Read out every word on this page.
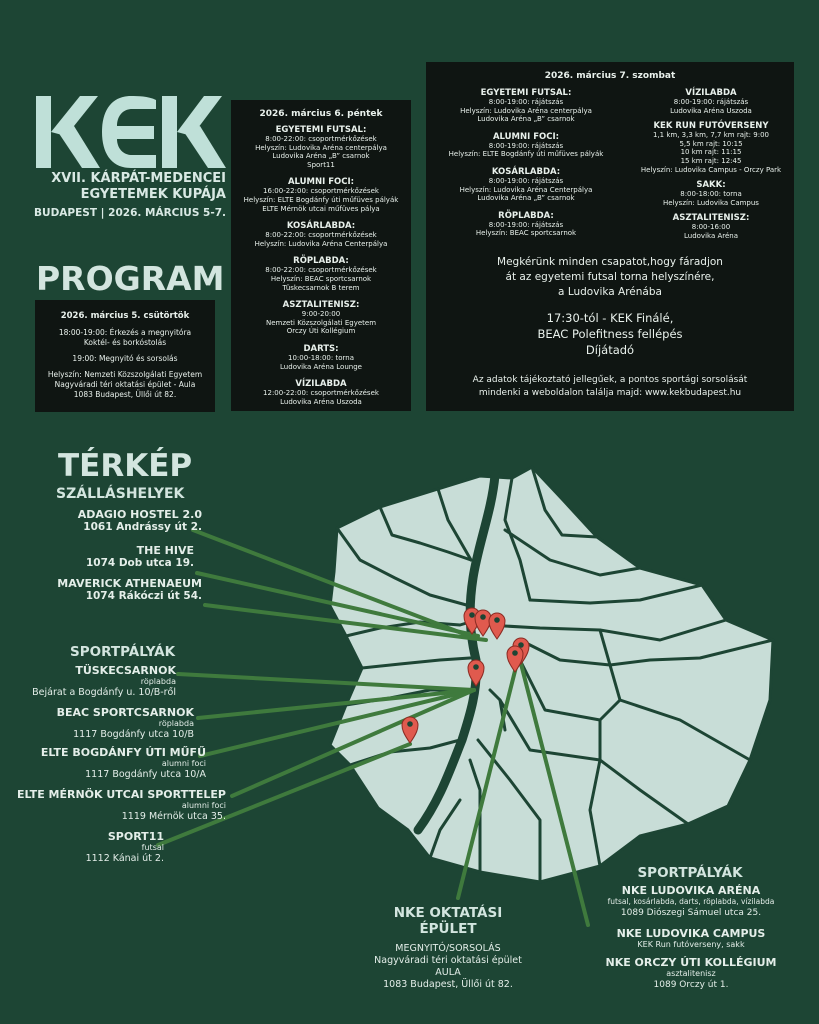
XVII. KÁRPÁT-MEDENCEI
EGYETEMEK KUPÁJA
BUDAPEST | 2026. MÁRCIUS 5-7.
PROGRAM
2026. március 5. csütörtök
18:00-19:00: Érkezés a megnyitóra
Koktél- és borkóstolás
19:00: Megnyitó és sorsolás
Helyszín: Nemzeti Közszolgálati Egyetem
Nagyváradi téri oktatási épület - Aula
1083 Budapest, Üllői út 82.
2026. március 6. péntek
EGYETEMI FUTSAL:
8:00-22:00: csoportmérkőzések
Helyszín: Ludovika Aréna centerpálya
Ludovika Aréna „B” csarnok
Sport11
ALUMNI FOCI:
16:00-22:00: csoportmérkőzések
Helyszín: ELTE Bogdánfy úti műfüves pályák
ELTE Mérnök utcai műfüves pálya
KOSÁRLABDA:
8:00-22:00: csoportmérkőzések
Helyszín: Ludovika Aréna Centerpálya
RÖPLABDA:
8:00-22:00: csoportmérkőzések
Helyszín: BEAC sportcsarnok
Tüskecsarnok B terem
ASZTALITENISZ:
9:00-20:00
Nemzeti Közszolgálati Egyetem
Orczy Úti Kollégium
DARTS:
10:00-18:00: torna
Ludovika Aréna Lounge
VÍZILABDA
12:00-22:00: csoportmérkőzések
Ludovika Aréna Uszoda
2026. március 7. szombat
EGYETEMI FUTSAL:
8:00-19:00: rájátszás
Helyszín: Ludovika Aréna centerpálya
Ludovika Aréna „B” csarnok
ALUMNI FOCI:
8:00-19:00: rájátszás
Helyszín: ELTE Bogdánfy úti műfüves pályák
KOSÁRLABDA:
8:00-19:00: rájátszás
Helyszín: Ludovika Aréna Centerpálya
Ludovika Aréna „B” csarnok
RÖPLABDA:
8:00-19:00: rájátszás
Helyszín: BEAC sportcsarnok
VÍZILABDA
8:00-19:00: rájátszás
Ludovika Aréna Uszoda
KEK RUN FUTÓVERSENY
1,1 km, 3,3 km, 7,7 km rajt: 9:00
5,5 km rajt: 10:15
10 km rajt: 11:15
15 km rajt: 12:45
Helyszín: Ludovika Campus - Orczy Park
SAKK:
8:00-18:00: torna
Helyszín: Ludovika Campus
ASZTALITENISZ:
8:00-16:00
Ludovika Aréna
Megkérünk minden csapatot,hogy fáradjon
át az egyetemi futsal torna helyszínére,
a Ludovika Arénába
17:30-tól - KEK Finálé,
BEAC Polefitness fellépés
Díjátadó
Az adatok tájékoztató jellegűek, a pontos sportági sorsolását
mindenki a weboldalon találja majd: www.kekbudapest.hu
TÉRKÉP
SZÁLLÁSHELYEK
ADAGIO HOSTEL 2.0
1061 Andrássy út 2.
THE HIVE
1074 Dob utca 19.
MAVERICK ATHENAEUM
1074 Rákóczi út 54.
SPORTPÁLYÁK
TÜSKECSARNOK
röplabda
Bejárat a Bogdánfy u. 10/B-ről
BEAC SPORTCSARNOK
röplabda
1117 Bogdánfy utca 10/B
ELTE BOGDÁNFY ÚTI MŰFŰ
alumni foci
1117 Bogdánfy utca 10/A
ELTE MÉRNÖK UTCAI SPORTTELEP
alumni foci
1119 Mérnök utca 35.
SPORT11
futsal
1112 Kánai út 2.
NKE OKTATÁSI
ÉPÜLET
MEGNYITÓ/SORSOLÁS
Nagyváradi téri oktatási épület
AULA
1083 Budapest, Üllői út 82.
SPORTPÁLYÁK
NKE LUDOVIKA ARÉNA
futsal, kosárlabda, darts, röplabda, vízilabda
1089 Diószegi Sámuel utca 25.
NKE LUDOVIKA CAMPUS
KEK Run futóverseny, sakk
NKE ORCZY ÚTI KOLLÉGIUM
asztalitenisz
1089 Orczy út 1.
